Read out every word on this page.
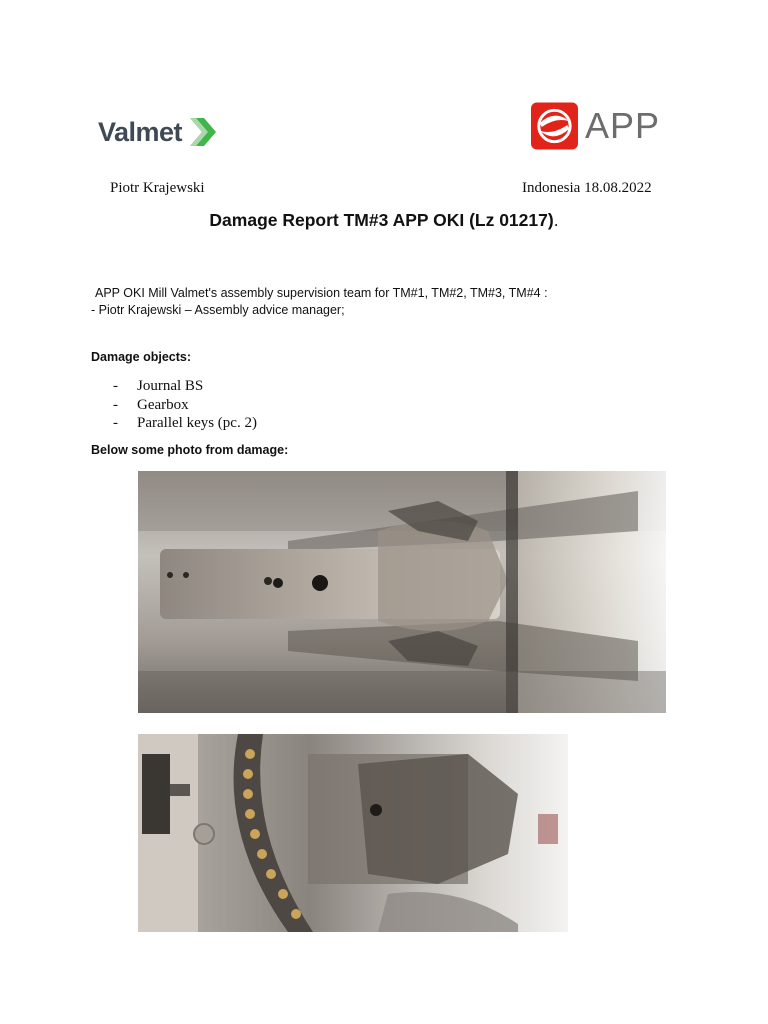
Valmet	APP
Piotr Krajewski	Indonesia 18.08.2022
Damage Report TM#3 APP OKI (Lz 01217).
APP OKI Mill Valmet's assembly supervision team for TM#1, TM#2, TM#3, TM#4 :
- Piotr Krajewski – Assembly advice manager;
Damage objects:
-	Journal BS
-	Gearbox
-	Parallel keys (pc. 2)
Below some photo from damage:
